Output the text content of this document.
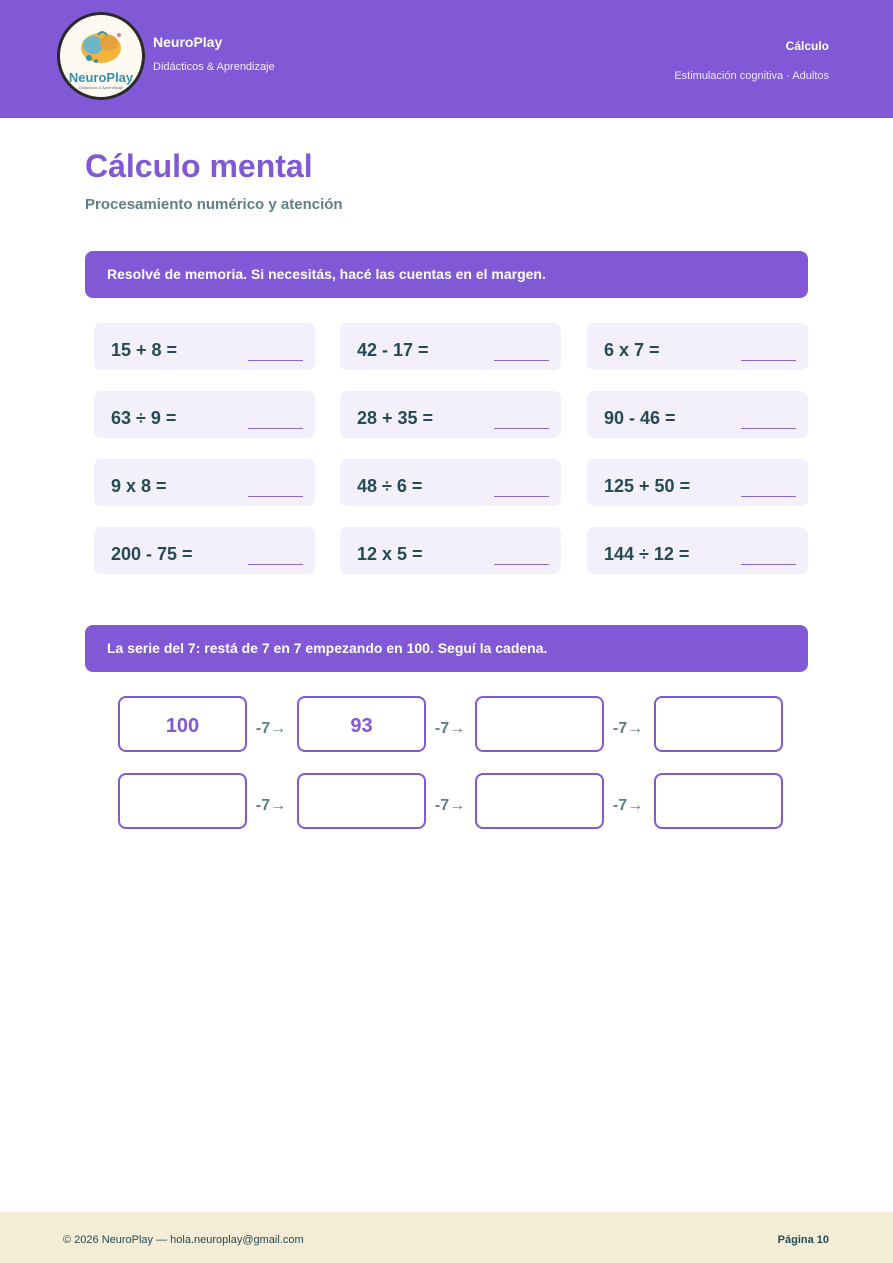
NeuroPlay
Didácticos & Aprendizaje
NeuroPlay
Didácticos & Aprendizaje
Cálculo
Estimulación cognitiva · Adultos
Cálculo mental
Procesamiento numérico y atención
Resolvé de memoria. Si necesitás, hacé las cuentas en el margen.
15 + 8 =	42 - 17 =	6 x 7 =
63 ÷ 9 =	28 + 35 =	90 - 46 =
9 x 8 =	48 ÷ 6 =	125 + 50 =
200 - 75 =	12 x 5 =	144 ÷ 12 =
La serie del 7: restá de 7 en 7 empezando en 100. Seguí la cadena.
100	-7→	93	-7→	-7→
-7→	-7→	-7→
© 2026 NeuroPlay — hola.neuroplay@gmail.com	Página 10
